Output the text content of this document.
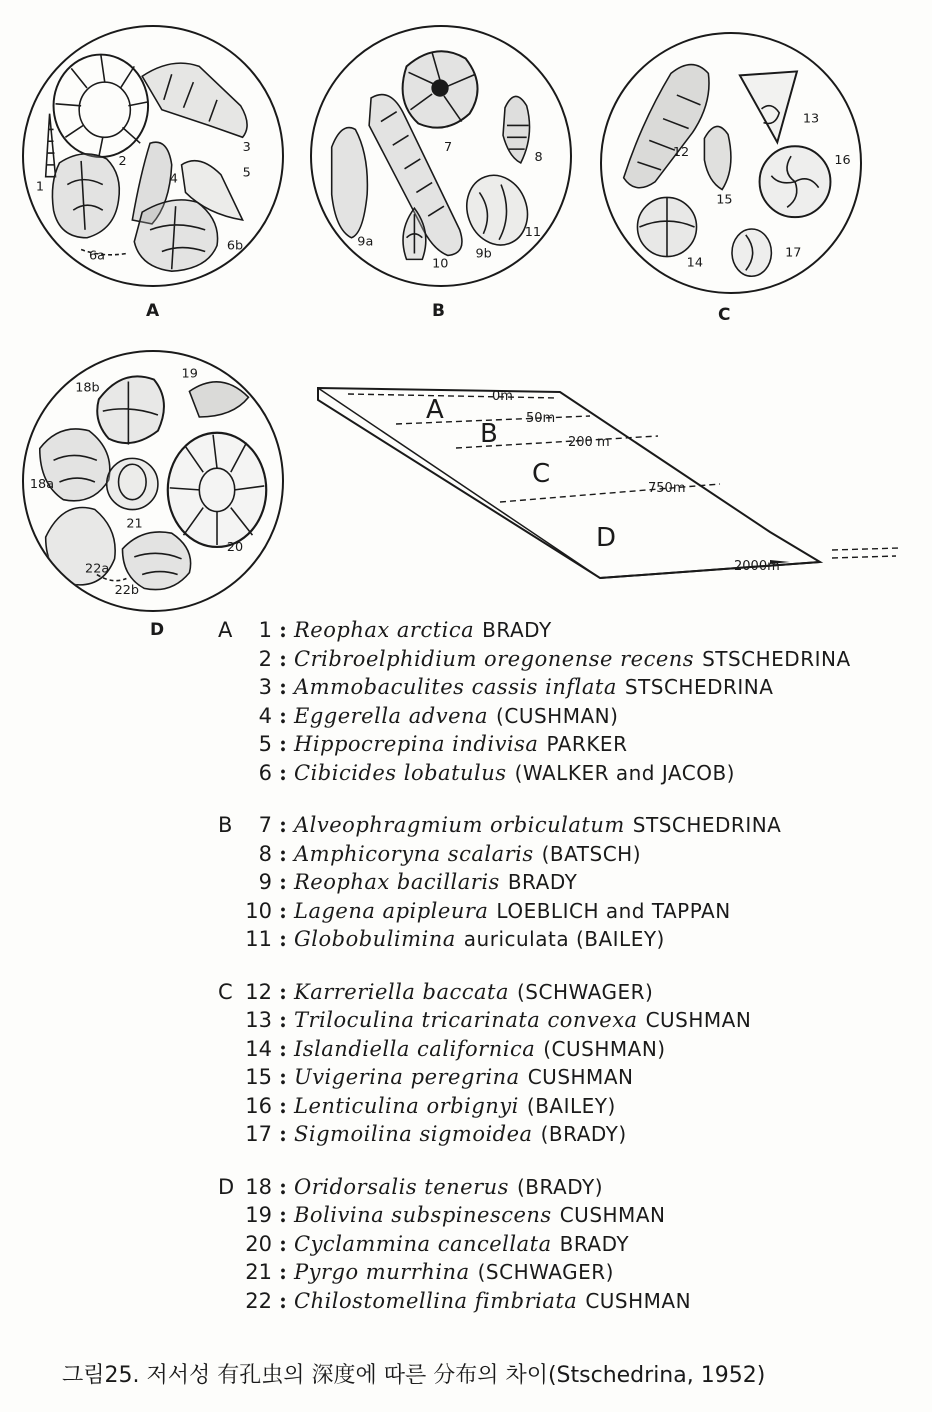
1
2
3
4	5
6a
6b
A
7
8
9a
10
9b
11
B
12
13
15
16
14
17
C
18b
19
18a
21
20
22a
22b
D
0m
50m
200 m
750m
2000m
A
B
C
D
A	1 : Reophax arctica BRADY
2 : Cribroelphidium oregonense recens STSCHEDRINA
3 : Ammobaculites cassis inflata STSCHEDRINA
4 : Eggerella advena (CUSHMAN)
5 : Hippocrepina indivisa PARKER
6 : Cibicides lobatulus (WALKER and JACOB)
B	7 : Alveophragmium orbiculatum STSCHEDRINA
8 : Amphicoryna scalaris (BATSCH)
9 : Reophax bacillaris BRADY
10 : Lagena apipleura LOEBLICH and TAPPAN
11 : Globobulimina auriculata (BAILEY)
C 12 : Karreriella baccata (SCHWAGER)
13 : Triloculina tricarinata convexa CUSHMAN
14 : Islandiella californica (CUSHMAN)
15 : Uvigerina peregrina CUSHMAN
16 : Lenticulina orbignyi (BAILEY)
17 : Sigmoilina sigmoidea (BRADY)
D 18 : Oridorsalis tenerus (BRADY)
19 : Bolivina subspinescens CUSHMAN
20 : Cyclammina cancellata BRADY
21 : Pyrgo murrhina (SCHWAGER)
22 : Chilostomellina fimbriata CUSHMAN
그림25. 저서성 有孔虫의 深度에 따른 分布의 차이(Stschedrina, 1952)
